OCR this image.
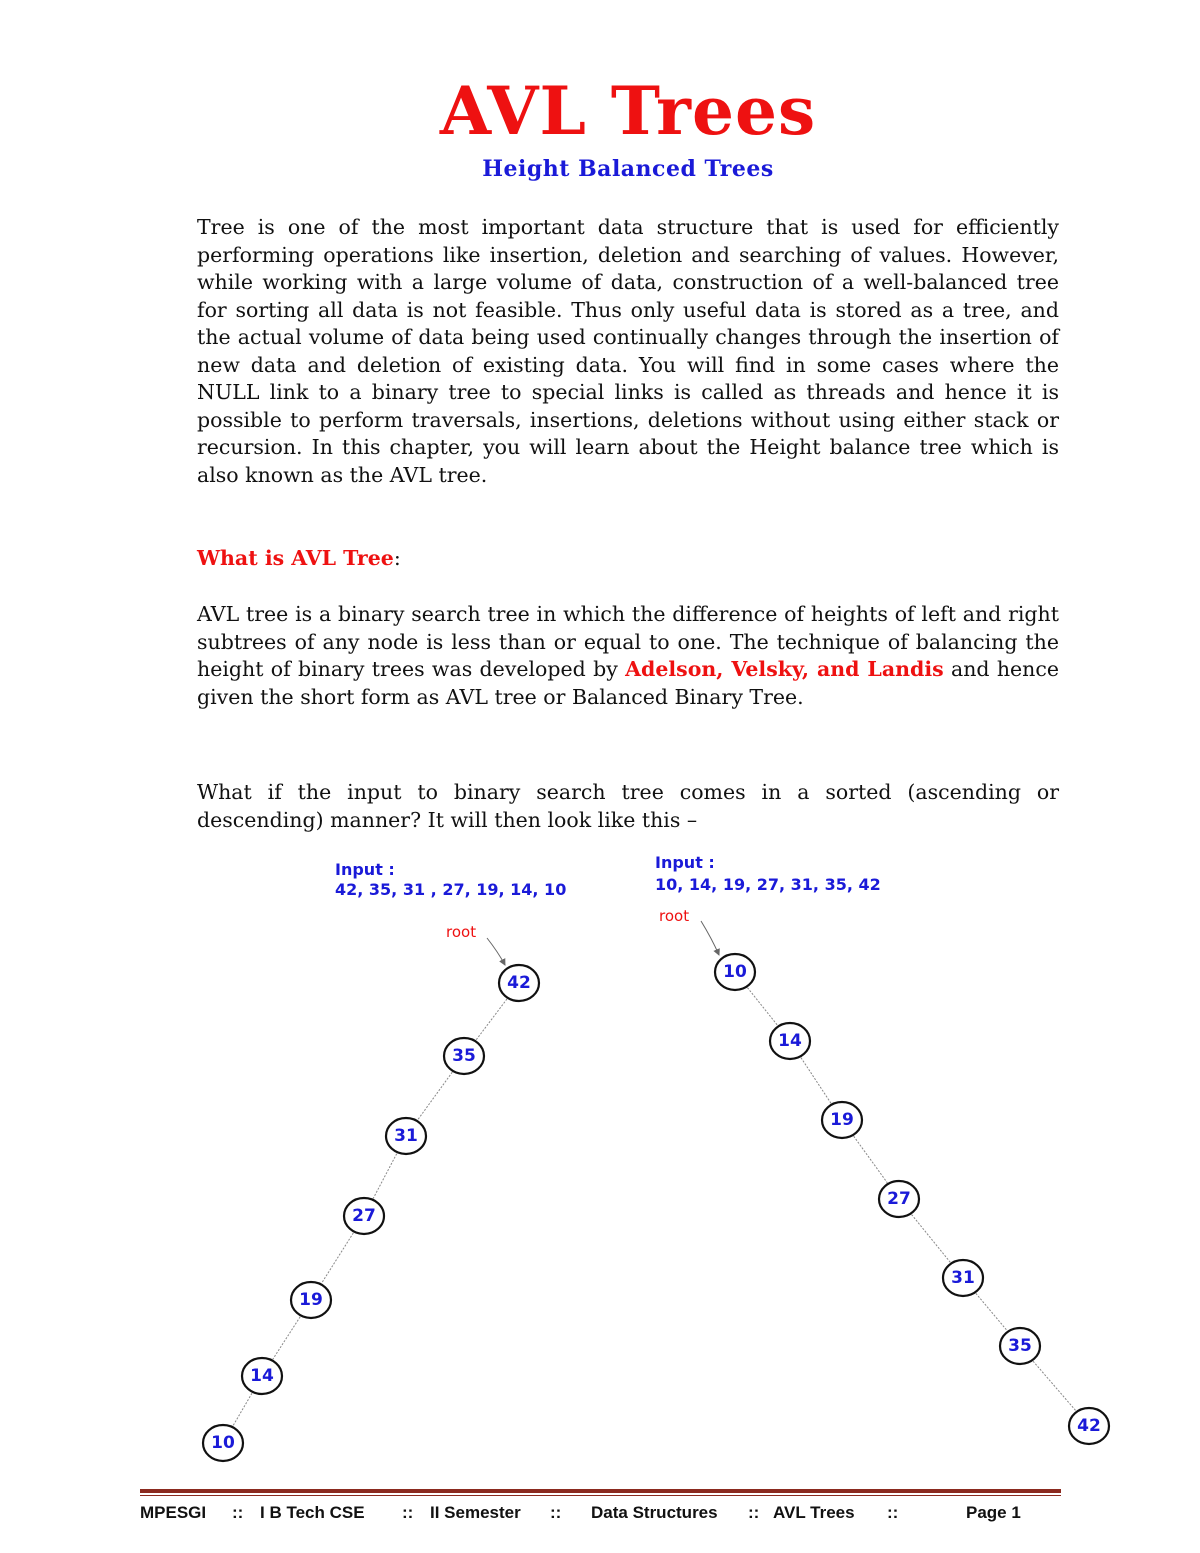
AVL Trees
Height Balanced Trees

Tree is one of the most important data structure that is used for efficiently performing operations like insertion, deletion and searching of values. However, while working with a large volume of data, construction of a well-balanced tree for sorting all data is not feasible. Thus only useful data is stored as a tree, and the actual volume of data being used continually changes through the insertion of new data and deletion of existing data. You will find in some cases where the NULL link to a binary tree to special links is called as threads and hence it is possible to perform traversals, insertions, deletions without using either stack or recursion. In this chapter, you will learn about the Height balance tree which is also known as the AVL tree.

What is AVL Tree:

AVL tree is a binary search tree in which the difference of heights of left and right subtrees of any node is less than or equal to one. The technique of balancing the height of binary trees was developed by Adelson, Velsky, and Landis and hence given the short form as AVL tree or Balanced Binary Tree.

What if the input to binary search tree comes in a sorted (ascending or descending) manner? It will then look like this –

Input :
42, 35, 31 , 27, 19, 14, 10
root
42
35
31
27
19
14
10
Input :
10, 14, 19, 27, 31, 35, 42
root
10
14
19
27
31
35
42
MPESGI :: I B Tech CSE :: II Semester :: Data Structures :: AVL Trees ::	Page 1
